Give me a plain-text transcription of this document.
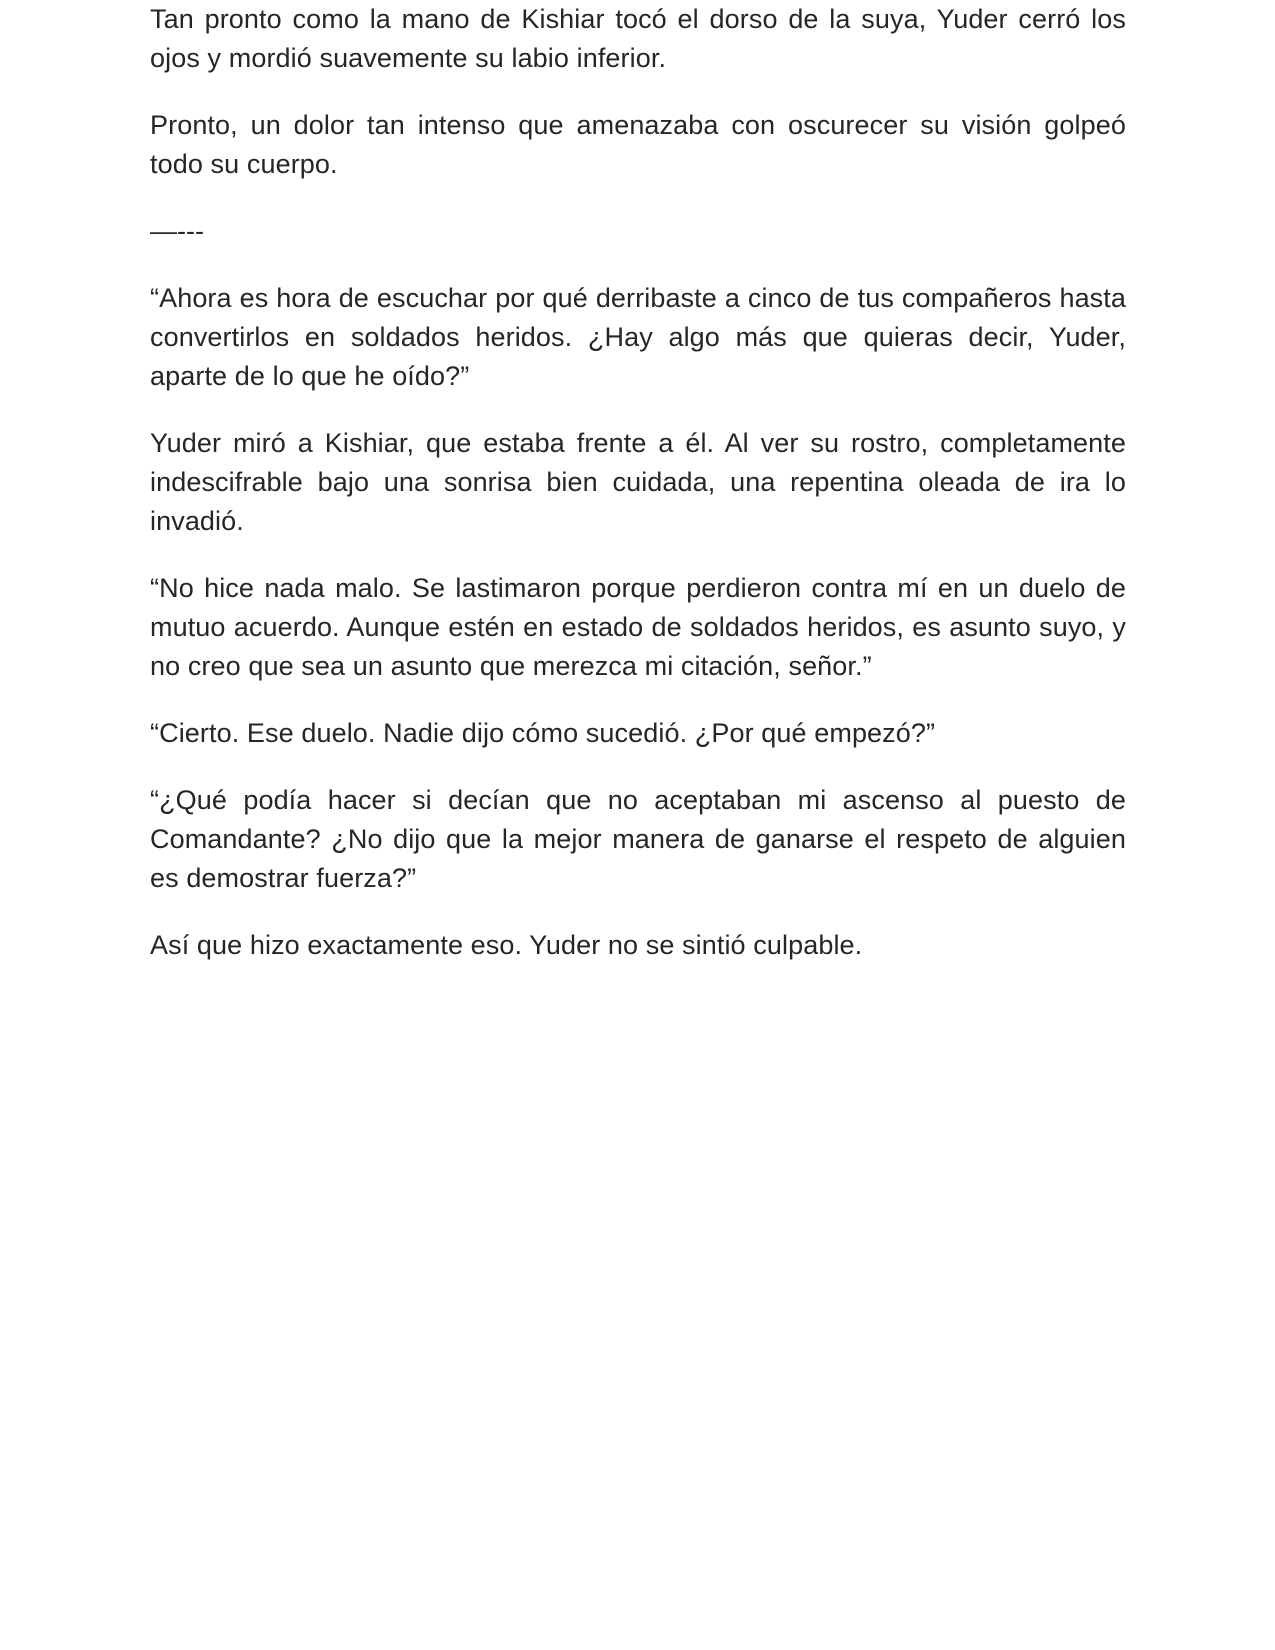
Tan pronto como la mano de Kishiar tocó el dorso de la suya, Yuder cerró los ojos y mordió suavemente su labio inferior.

Pronto, un dolor tan intenso que amenazaba con oscurecer su visión golpeó todo su cuerpo.

—---

“Ahora es hora de escuchar por qué derribaste a cinco de tus compañeros hasta convertirlos en soldados heridos. ¿Hay algo más que quieras decir, Yuder, aparte de lo que he oído?”

Yuder miró a Kishiar, que estaba frente a él. Al ver su rostro, completamente indescifrable bajo una sonrisa bien cuidada, una repentina oleada de ira lo invadió.

“No hice nada malo. Se lastimaron porque perdieron contra mí en un duelo de mutuo acuerdo. Aunque estén en estado de soldados heridos, es asunto suyo, y no creo que sea un asunto que merezca mi citación, señor.”

“Cierto. Ese duelo. Nadie dijo cómo sucedió. ¿Por qué empezó?”

“¿Qué podía hacer si decían que no aceptaban mi ascenso al puesto de Comandante? ¿No dijo que la mejor manera de ganarse el respeto de alguien es demostrar fuerza?”

Así que hizo exactamente eso. Yuder no se sintió culpable.
